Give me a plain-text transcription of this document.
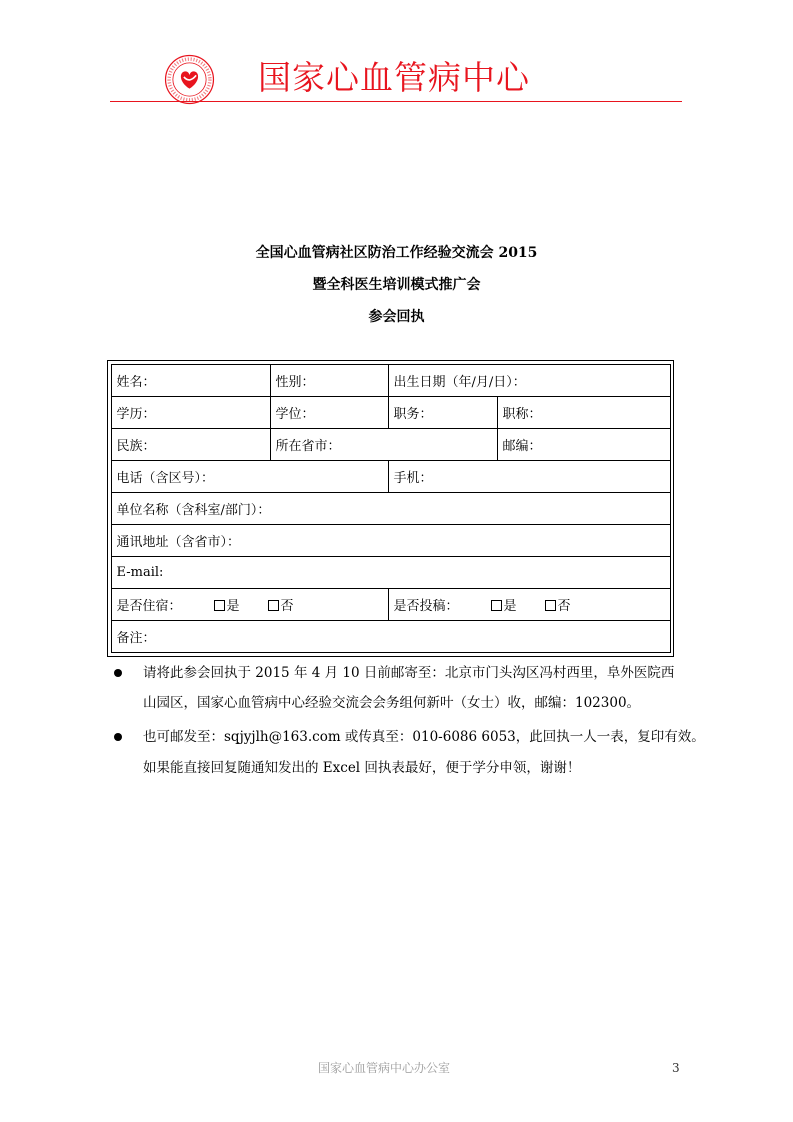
国家心血管病中心
全国心血管病社区防治工作经验交流会 2015
暨全科医生培训模式推广会
参会回执
姓名：	性别：	出生日期（年/月/日）：	
学历：	学位：	职务：	职称：
民族：	所在省市：		邮编：
电话（含区号）：		手机：	
单位名称（含科室/部门）：			
通讯地址（含省市）：			
E-mail:			
是否住宿： 是 否		是否投稿： 是 否	
备注：			
请将此参会回执于 2015 年 4 月 10 日前邮寄至：北京市门头沟区冯村西里，阜外医院西
山园区，国家心血管病中心经验交流会会务组何新叶（女士）收，邮编：102300。
也可邮发至：sqjyjlh@163.com 或传真至：010-6086 6053，此回执一人一表，复印有效。
如果能直接回复随通知发出的 Excel 回执表最好，便于学分申领，谢谢！
国家心血管病中心办公室	3
